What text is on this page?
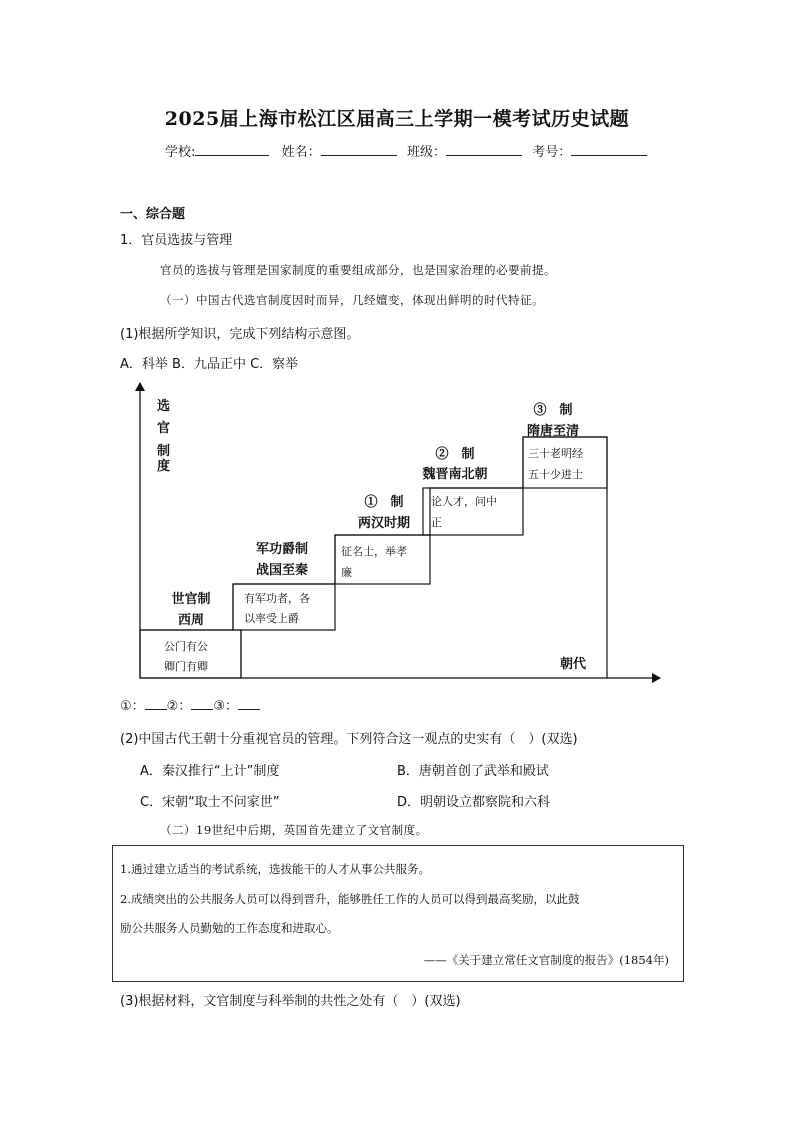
2025届上海市松江区届高三上学期一模考试历史试题
学校:	姓名：	班级：	考号：
一、综合题
1．官员选拔与管理
官员的选拔与管理是国家制度的重要组成部分，也是国家治理的必要前提。
（一）中国古代选官制度因时而异，几经嬗变，体现出鲜明的时代特征。
(1)根据所学知识，完成下列结构示意图。
A．科举 B．九品正中 C．察举
选
官
制
度
世官制
西周
军功爵制
战国至秦
①　制
两汉时期
②　制
魏晋南北朝
③　制
隋唐至清
公门有公
卿门有卿
有军功者，各
以率受上爵
征名士，举孝
廉
论人才，问中
正
三十老明经
五十少进士
朝代
①： ②： ③：
(2)中国古代王朝十分重视官员的管理。下列符合这一观点的史实有（　）(双选)
A．秦汉推行“上计”制度	B．唐朝首创了武举和殿试
C．宋朝“取士不问家世”	D．明朝设立都察院和六科
（二）19世纪中后期，英国首先建立了文官制度。
1.通过建立适当的考试系统，选拔能干的人才从事公共服务。
2.成绩突出的公共服务人员可以得到晋升，能够胜任工作的人员可以得到最高奖励，以此鼓
励公共服务人员勤勉的工作态度和进取心。
——《关于建立常任文官制度的报告》(1854年)
(3)根据材料，文官制度与科举制的共性之处有（　）(双选)
